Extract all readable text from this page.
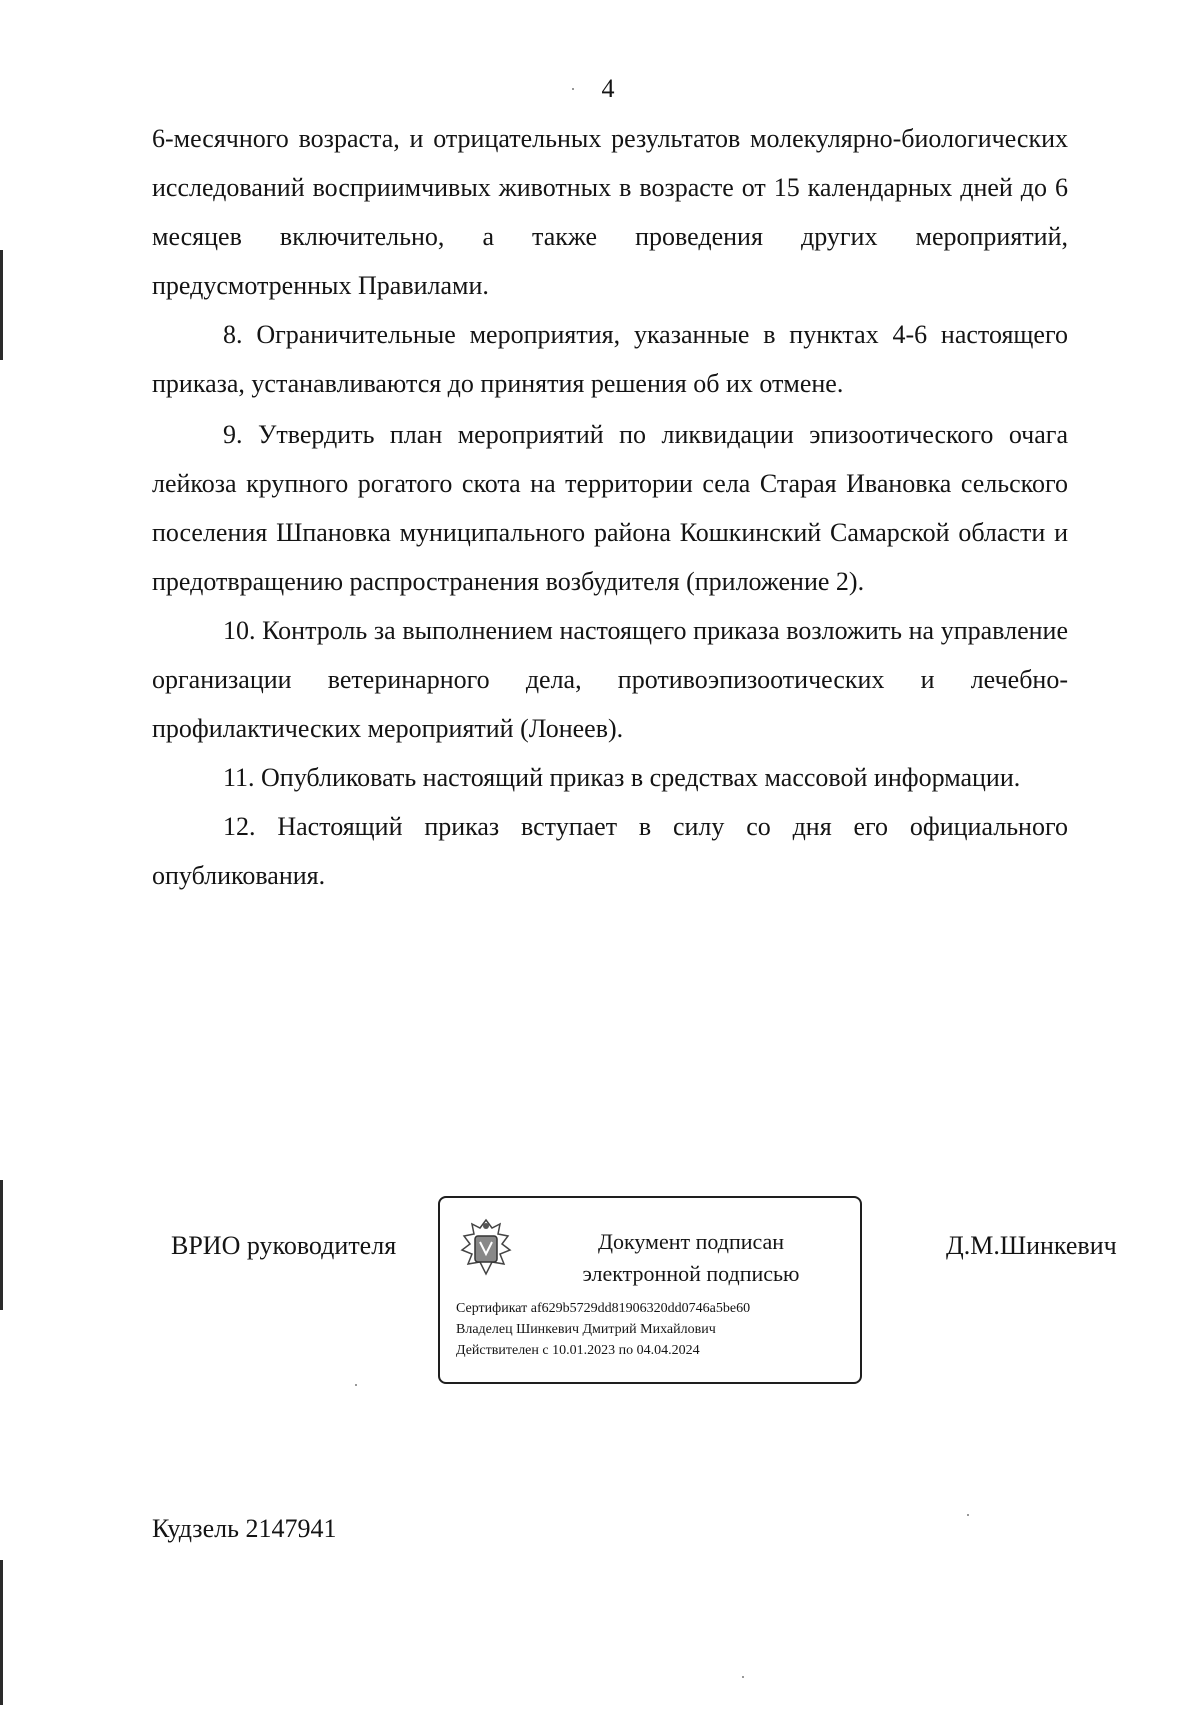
4

6-месячного возраста, и отрицательных результатов молекулярно-биологических исследований восприимчивых животных в возрасте от 15 календарных дней до 6 месяцев включительно, а также проведения других мероприятий, предусмотренных Правилами.

8. Ограничительные мероприятия, указанные в пунктах 4-6 настоящего приказа, устанавливаются до принятия решения об их отмене.

9. Утвердить план мероприятий по ликвидации эпизоотического очага лейкоза крупного рогатого скота на территории села Старая Ивановка сельского поселения Шпановка муниципального района Кошкинский Самарской области и предотвращению распространения возбудителя (приложение 2).

10. Контроль за выполнением настоящего приказа возложить на управление организации ветеринарного дела, противоэпизоотических и лечебно-профилактических мероприятий (Лонеев).

11. Опубликовать настоящий приказ в средствах массовой информации.

12. Настоящий приказ вступает в силу со дня его официального опубликования.

ВРИО руководителя	Документ подписан
электронной подписью
Сертификат af629b5729dd81906320dd0746a5be60
Владелец Шинкевич Дмитрий Михайлович
Действителен с 10.01.2023 по 04.04.2024
Д.М.Шинкевич
Кудзель 2147941
